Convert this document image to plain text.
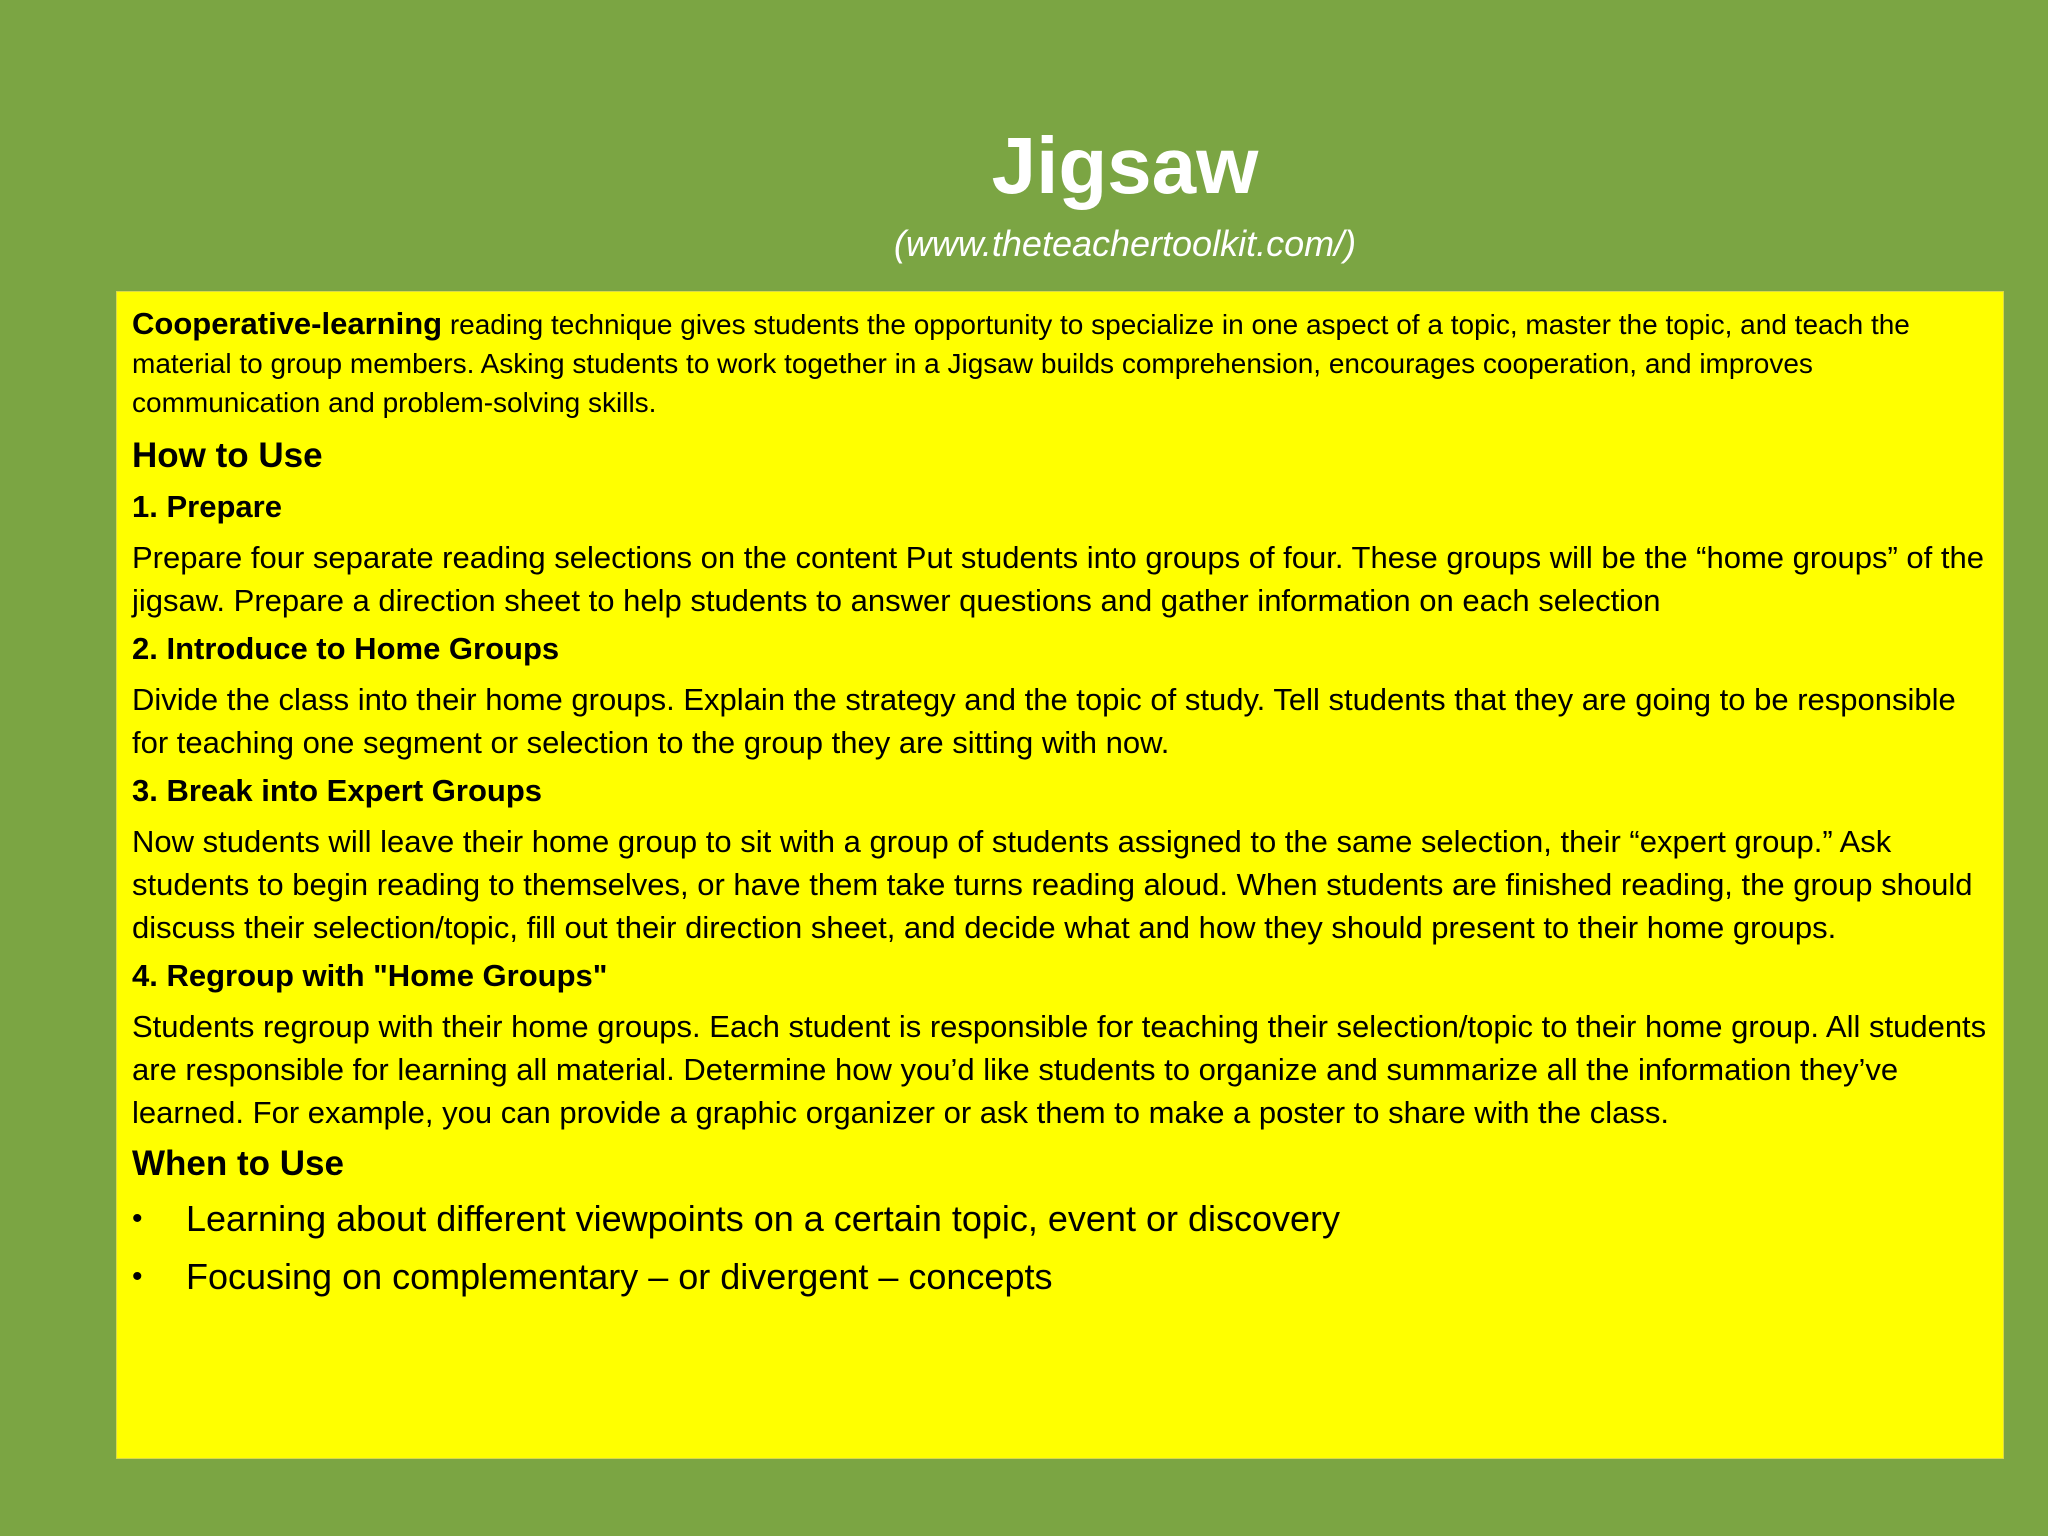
Jigsaw
(www.theteachertoolkit.com/)

Cooperative-learning reading technique gives students the opportunity to specialize in one aspect of a topic, master the topic, and teach the material to group members. Asking students to work together in a Jigsaw builds comprehension, encourages cooperation, and improves communication and problem-solving skills.

How to Use
1. Prepare

Prepare four separate reading selections on the content Put students into groups of four. These groups will be the “home groups” of the jigsaw. Prepare a direction sheet to help students to answer questions and gather information on each selection

2. Introduce to Home Groups

Divide the class into their home groups. Explain the strategy and the topic of study. Tell students that they are going to be responsible for teaching one segment or selection to the group they are sitting with now.

3. Break into Expert Groups

Now students will leave their home group to sit with a group of students assigned to the same selection, their “expert group.” Ask students to begin reading to themselves, or have them take turns reading aloud. When students are finished reading, the group should discuss their selection/topic, fill out their direction sheet, and decide what and how they should present to their home groups.

4. Regroup with "Home Groups"

Students regroup with their home groups. Each student is responsible for teaching their selection/topic to their home group. All students are responsible for learning all material. Determine how you’d like students to organize and summarize all the information they’ve learned. For example, you can provide a graphic organizer or ask them to make a poster to share with the class.

When to Use
• Learning about different viewpoints on a certain topic, event or discovery
• Focusing on complementary – or divergent – concepts
